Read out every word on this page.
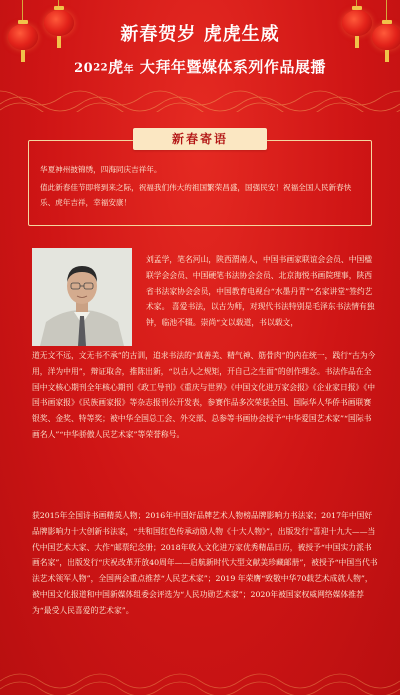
新春贺岁 虎虎生威
2022虎年 大拜年暨媒体系列作品展播
新春寄语

华夏神州披锦绣，四海同庆吉祥年。

值此新春佳节即将到来之际，祝福我们伟大的祖国繁荣昌盛，国强民安！祝福全国人民新春快乐、虎年吉祥，幸福安康！

刘孟学，笔名河山，陕西渭南人，中国书画家联谊会会员、中国楹联学会会员、中国硬笔书法协会会员、北京海悦书画院理事，陕西省书法家协会会员，中国教育电视台“水墨丹青”“名家讲堂”签约艺术家。 喜爱书法，以古为师，对现代书法特别是毛泽东书法情有独钟，临池不辍。崇尚“文以载道，书以载文，
道无文不远，文无书不承”的古训，追求书法的“真善美、精气神、筋骨肉”的内在统一，践行“古为今用，洋为中用”，辩证取舍，推陈出新，“以古人之规矩，开自己之生面”的创作理念。书法作品在全国中文核心期刊全年核心期刊《政工导刊》《重庆与世界》《中国文化进万家会报》《企业家日报》《中国书画家报》《民族画家报》等杂志报刊公开发表，参赛作品多次荣获全国、国际华人华侨书画联赛银奖、金奖、特等奖；被中华全国总工会、外交部、总参等书画协会授予“中华爱国艺术家”“国际书画名人”“中华骄傲人民艺术家”等荣誉称号。
获2015年全国诗书画精英人物；2016年中国好品牌艺术人物榜品牌影响力书法家；2017年中国好品牌影响力十大创新书法家，“共和国红色传承动励人物《十大人物》”，出版发行“喜迎十九大——当代中国艺术大家、大作”邮票纪念册；2018年收入文化进万家优秀精品日历，被授予“中国实力派书画名家”，出版发行“庆祝改革开放40周年——启航新时代大型文献美珍藏邮册”，被授予“中国当代书法艺术领军人物”，全国两会重点推荐“人民艺术家”；2019 年荣膺“致敬中华70载艺术成就人物”，被中国文化报道和中国新媒体组委会评选为“人民功勋艺术家”；2020年被国家权威网络媒体推荐为“最受人民喜爱的艺术家”。
